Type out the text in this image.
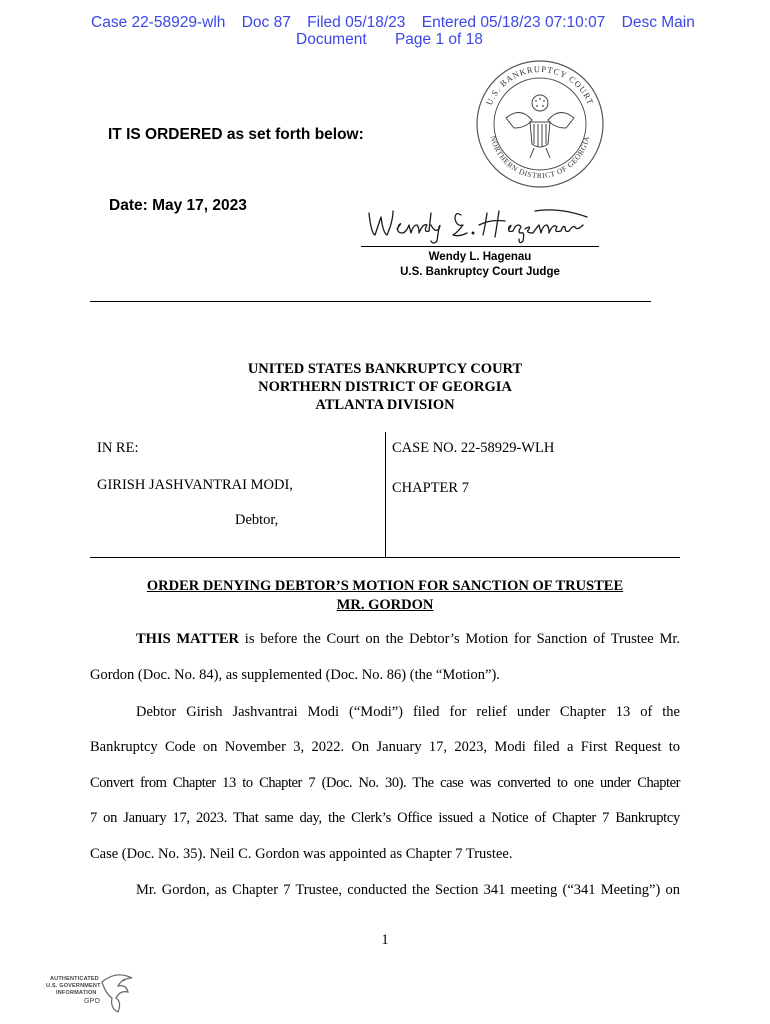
Case 22-58929-wlh Doc 87 Filed 05/18/23 Entered 05/18/23 07:10:07 Desc Main
Document Page 1 of 18
U.S. BANKRUPTCY COURT
NORTHERN DISTRICT OF GEORGIA
IT IS ORDERED as set forth below:
Date: May 17, 2023
Wendy L. Hagenau
U.S. Bankruptcy Court Judge
UNITED STATES BANKRUPTCY COURT
NORTHERN DISTRICT OF GEORGIA
ATLANTA DIVISION
IN RE:
GIRISH JASHVANTRAI MODI,
Debtor,
CASE NO. 22-58929-WLH
CHAPTER 7
ORDER DENYING DEBTOR’S MOTION FOR SANCTION OF TRUSTEE
MR. GORDON
THIS MATTER is before the Court on the Debtor’s Motion for Sanction of Trustee Mr.
Gordon (Doc. No. 84), as supplemented (Doc. No. 86) (the “Motion”).
Debtor Girish Jashvantrai Modi (“Modi”) filed for relief under Chapter 13 of the
Bankruptcy Code on November 3, 2022. On January 17, 2023, Modi filed a First Request to
Convert from Chapter 13 to Chapter 7 (Doc. No. 30). The case was converted to one under Chapter
7 on January 17, 2023. That same day, the Clerk’s Office issued a Notice of Chapter 7 Bankruptcy
Case (Doc. No. 35). Neil C. Gordon was appointed as Chapter 7 Trustee.
Mr. Gordon, as Chapter 7 Trustee, conducted the Section 341 meeting (“341 Meeting”) on
1
AUTHENTICATED
U.S. GOVERNMENT
INFORMATION
GPO
